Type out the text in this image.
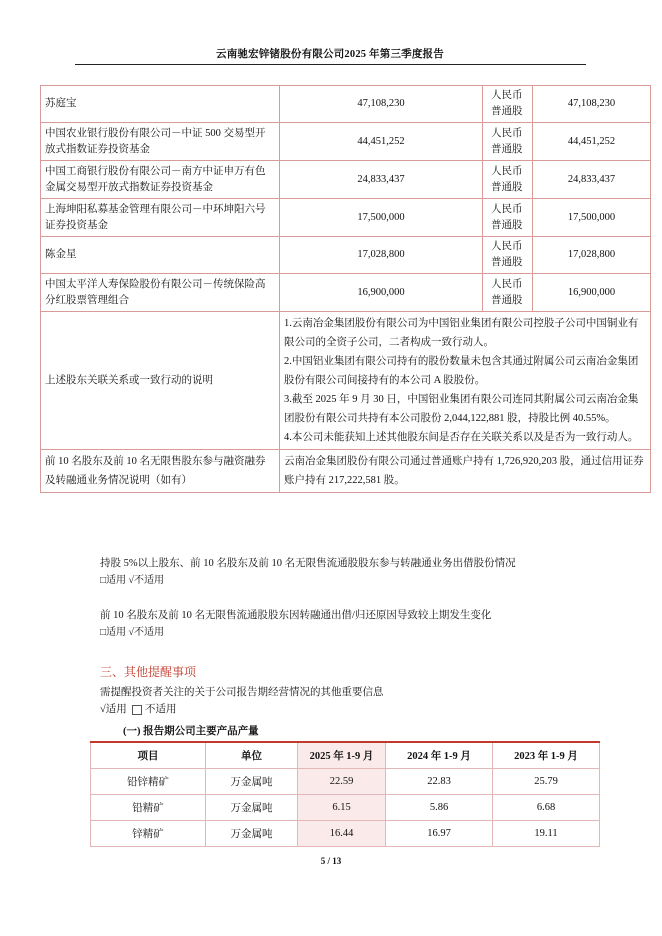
云南驰宏锌锗股份有限公司2025 年第三季度报告
苏庭宝	47,108,230	人民币普通股	47,108,230
中国农业银行股份有限公司－中证 500 交易型开放式指数证券投资基金	44,451,252	人民币普通股	44,451,252
中国工商银行股份有限公司－南方中证申万有色金属交易型开放式指数证券投资基金	24,833,437	人民币普通股	24,833,437
上海坤阳私募基金管理有限公司－中环坤阳六号证券投资基金	17,500,000	人民币普通股	17,500,000
陈金星	17,028,800	人民币普通股	17,028,800
中国太平洋人寿保险股份有限公司－传统保险高分红股票管理组合	16,900,000	人民币普通股	16,900,000
上述股东关联关系或一致行动的说明	1.云南冶金集团股份有限公司为中国铝业集团有限公司控股子公司中国铜业有限公司的全资子公司，二者构成一致行动人。

2.中国铝业集团有限公司持有的股份数量未包含其通过附属公司云南冶金集团股份有限公司间接持有的本公司 A 股股份。

3.截至 2025 年 9 月 30 日，中国铝业集团有限公司连同其附属公司云南冶金集团股份有限公司共持有本公司股份 2,044,122,881 股，持股比例 40.55%。

4.本公司未能获知上述其他股东间是否存在关联关系以及是否为一致行动人。		

前 10 名股东及前 10 名无限售股东参与融资融券及转融通业务情况说明（如有）	云南冶金集团股份有限公司通过普通账户持有 1,726,920,203 股，通过信用证券账户持有 217,222,581 股。		

持股 5%以上股东、前 10 名股东及前 10 名无限售流通股股东参与转融通业务出借股份情况
□适用 √不适用
前 10 名股东及前 10 名无限售流通股股东因转融通出借/归还原因导致较上期发生变化
□适用 √不适用
三、其他提醒事项
需提醒投资者关注的关于公司报告期经营情况的其他重要信息
√适用 不适用
(一) 报告期公司主要产品产量
项目	单位	2025 年 1-9 月	2024 年 1-9 月	2023 年 1-9 月
铅锌精矿	万金属吨	22.59	22.83	25.79
铅精矿	万金属吨	6.15	5.86	6.68
锌精矿	万金属吨	16.44	16.97	19.11
5 / 13
